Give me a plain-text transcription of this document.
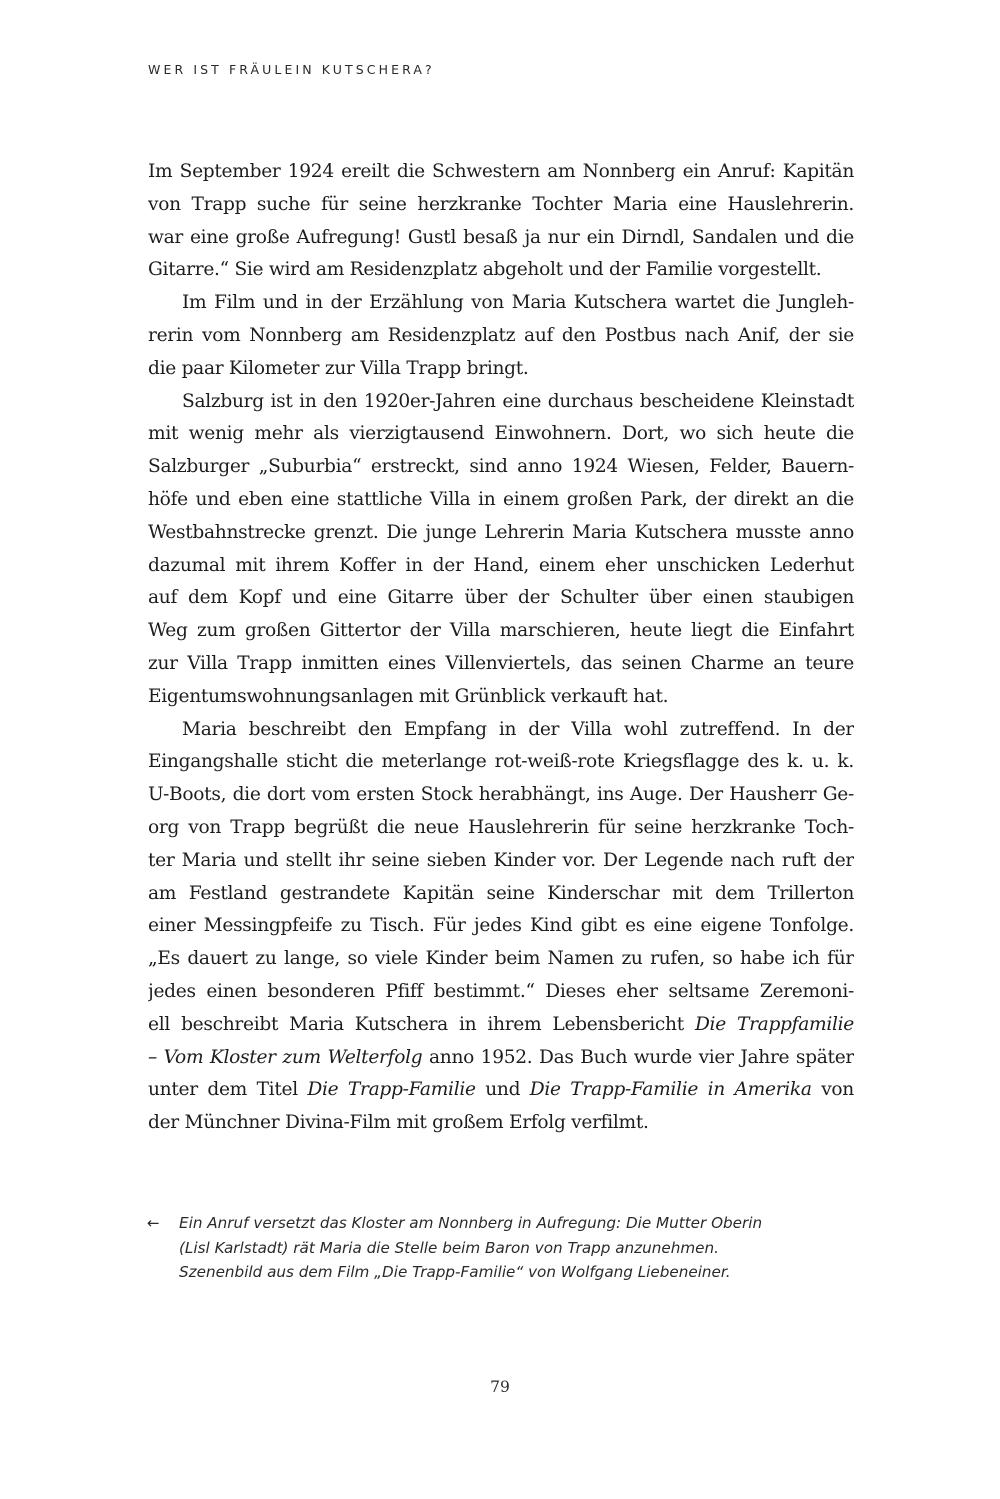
WER IST FRÄULEIN KUTSCHERA?
Im September 1924 ereilt die Schwestern am Nonnberg ein Anruf: Kapitän
von Trapp suche für seine herzkranke Tochter Maria eine Hauslehrerin.
war eine große Aufregung! Gustl besaß ja nur ein Dirndl, Sandalen und die
Gitarre.“ Sie wird am Residenzplatz abgeholt und der Familie vorgestellt.
Im Film und in der Erzählung von Maria Kutschera wartet die Jungleh-
rerin vom Nonnberg am Residenzplatz auf den Postbus nach Anif, der sie
die paar Kilometer zur Villa Trapp bringt.
Salzburg ist in den 1920er-Jahren eine durchaus bescheidene Kleinstadt
mit wenig mehr als vierzigtausend Einwohnern. Dort, wo sich heute die
Salzburger „Suburbia“ erstreckt, sind anno 1924 Wiesen, Felder, Bauern-
höfe und eben eine stattliche Villa in einem großen Park, der direkt an die
Westbahnstrecke grenzt. Die junge Lehrerin Maria Kutschera musste anno
dazumal mit ihrem Koffer in der Hand, einem eher unschicken Lederhut
auf dem Kopf und eine Gitarre über der Schulter über einen staubigen
Weg zum großen Gittertor der Villa marschieren, heute liegt die Einfahrt
zur Villa Trapp inmitten eines Villenviertels, das seinen Charme an teure
Eigentumswohnungsanlagen mit Grünblick verkauft hat.
Maria beschreibt den Empfang in der Villa wohl zutreffend. In der
Eingangshalle sticht die meterlange rot-weiß-rote Kriegsflagge des k. u. k.
U-Boots, die dort vom ersten Stock herabhängt, ins Auge. Der Hausherr Ge-
org von Trapp begrüßt die neue Hauslehrerin für seine herzkranke Toch-
ter Maria und stellt ihr seine sieben Kinder vor. Der Legende nach ruft der
am Festland gestrandete Kapitän seine Kinderschar mit dem Trillerton
einer Messingpfeife zu Tisch. Für jedes Kind gibt es eine eigene Tonfolge.
„Es dauert zu lange, so viele Kinder beim Namen zu rufen, so habe ich für
jedes einen besonderen Pfiff bestimmt.“ Dieses eher seltsame Zeremoni-
ell beschreibt Maria Kutschera in ihrem Lebensbericht Die Trappfamilie
– Vom Kloster zum Welterfolg anno 1952. Das Buch wurde vier Jahre später
unter dem Titel Die Trapp-Familie und Die Trapp-Familie in Amerika von
der Münchner Divina-Film mit großem Erfolg verfilmt.
← Ein Anruf versetzt das Kloster am Nonnberg in Aufregung: Die Mutter Oberin
(Lisl Karlstadt) rät Maria die Stelle beim Baron von Trapp anzunehmen.
Szenenbild aus dem Film „Die Trapp-Familie“ von Wolfgang Liebeneiner.
79
